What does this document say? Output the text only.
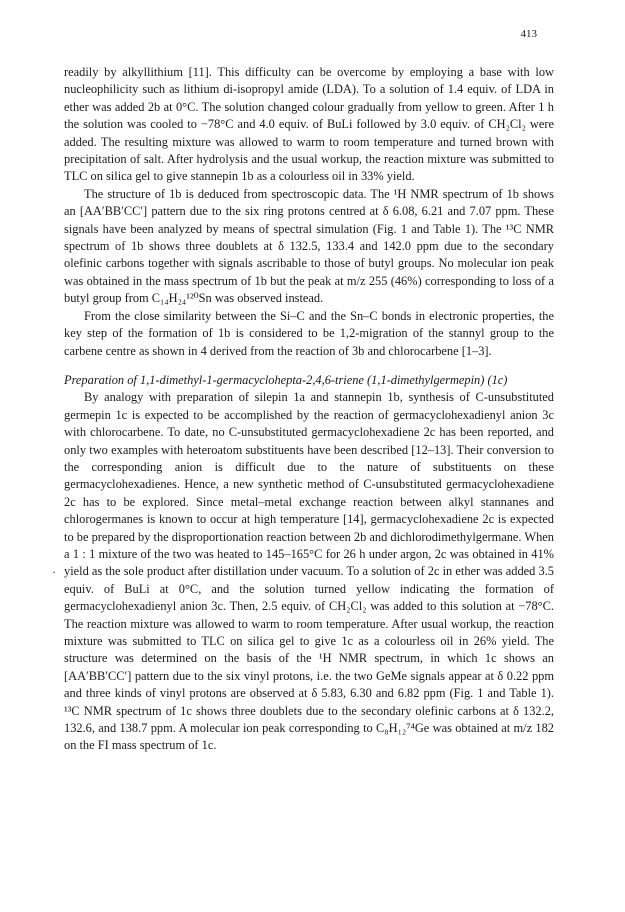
413
·

readily by alkyllithium [11]. This difficulty can be overcome by employing a base with low nucleophilicity such as lithium di-isopropyl amide (LDA). To a solution of 1.4 equiv. of LDA in ether was added 2b at 0°C. The solution changed colour gradually from yellow to green. After 1 h the solution was cooled to −78°C and 4.0 equiv. of BuLi followed by 3.0 equiv. of CH₂Cl₂ were added. The resulting mixture was allowed to warm to room temperature and turned brown with precipitation of salt. After hydrolysis and the usual workup, the reaction mixture was submitted to TLC on silica gel to give stannepin 1b as a colourless oil in 33% yield.

The structure of 1b is deduced from spectroscopic data. The ¹H NMR spectrum of 1b shows an [AA′BB′CC′] pattern due to the six ring protons centred at δ 6.08, 6.21 and 7.07 ppm. These signals have been analyzed by means of spectral simulation (Fig. 1 and Table 1). The ¹³C NMR spectrum of 1b shows three doublets at δ 132.5, 133.4 and 142.0 ppm due to the secondary olefinic carbons together with signals ascribable to those of butyl groups. No molecular ion peak was obtained in the mass spectrum of 1b but the peak at m/z 255 (46%) corresponding to loss of a butyl group from C₁₄H₂₄¹²⁰Sn was observed instead.

From the close similarity between the Si–C and the Sn–C bonds in electronic properties, the key step of the formation of 1b is considered to be 1,2-migration of the stannyl group to the carbene centre as shown in 4 derived from the reaction of 3b and chlorocarbene [1–3].

Preparation of 1,1-dimethyl-1-germacyclohepta-2,4,6-triene (1,1-dimethylgermepin) (1c)

By analogy with preparation of silepin 1a and stannepin 1b, synthesis of C-unsubstituted germepin 1c is expected to be accomplished by the reaction of germacyclohexadienyl anion 3c with chlorocarbene. To date, no C-unsubstituted germacyclohexadiene 2c has been reported, and only two examples with heteroatom substituents have been described [12–13]. Their conversion to the corresponding anion is difficult due to the nature of substituents on these germacyclohexadienes. Hence, a new synthetic method of C-unsubstituted germacyclohexadiene 2c has to be explored. Since metal–metal exchange reaction between alkyl stannanes and chlorogermanes is known to occur at high temperature [14], germacyclohexadiene 2c is expected to be prepared by the disproportionation reaction between 2b and dichlorodimethylgermane. When a 1 : 1 mixture of the two was heated to 145–165°C for 26 h under argon, 2c was obtained in 41% yield as the sole product after distillation under vacuum. To a solution of 2c in ether was added 3.5 equiv. of BuLi at 0°C, and the solution turned yellow indicating the formation of germacyclohexadienyl anion 3c. Then, 2.5 equiv. of CH₂Cl₂ was added to this solution at −78°C. The reaction mixture was allowed to warm to room temperature. After usual workup, the reaction mixture was submitted to TLC on silica gel to give 1c as a colourless oil in 26% yield. The structure was determined on the basis of the ¹H NMR spectrum, in which 1c shows an [AA′BB′CC′] pattern due to the six vinyl protons, i.e. the two GeMe signals appear at δ 0.22 ppm and three kinds of vinyl protons are observed at δ 5.83, 6.30 and 6.82 ppm (Fig. 1 and Table 1). ¹³C NMR spectrum of 1c shows three doublets due to the secondary olefinic carbons at δ 132.2, 132.6, and 138.7 ppm. A molecular ion peak corresponding to C₈H₁₂⁷⁴Ge was obtained at m/z 182 on the FI mass spectrum of 1c.
